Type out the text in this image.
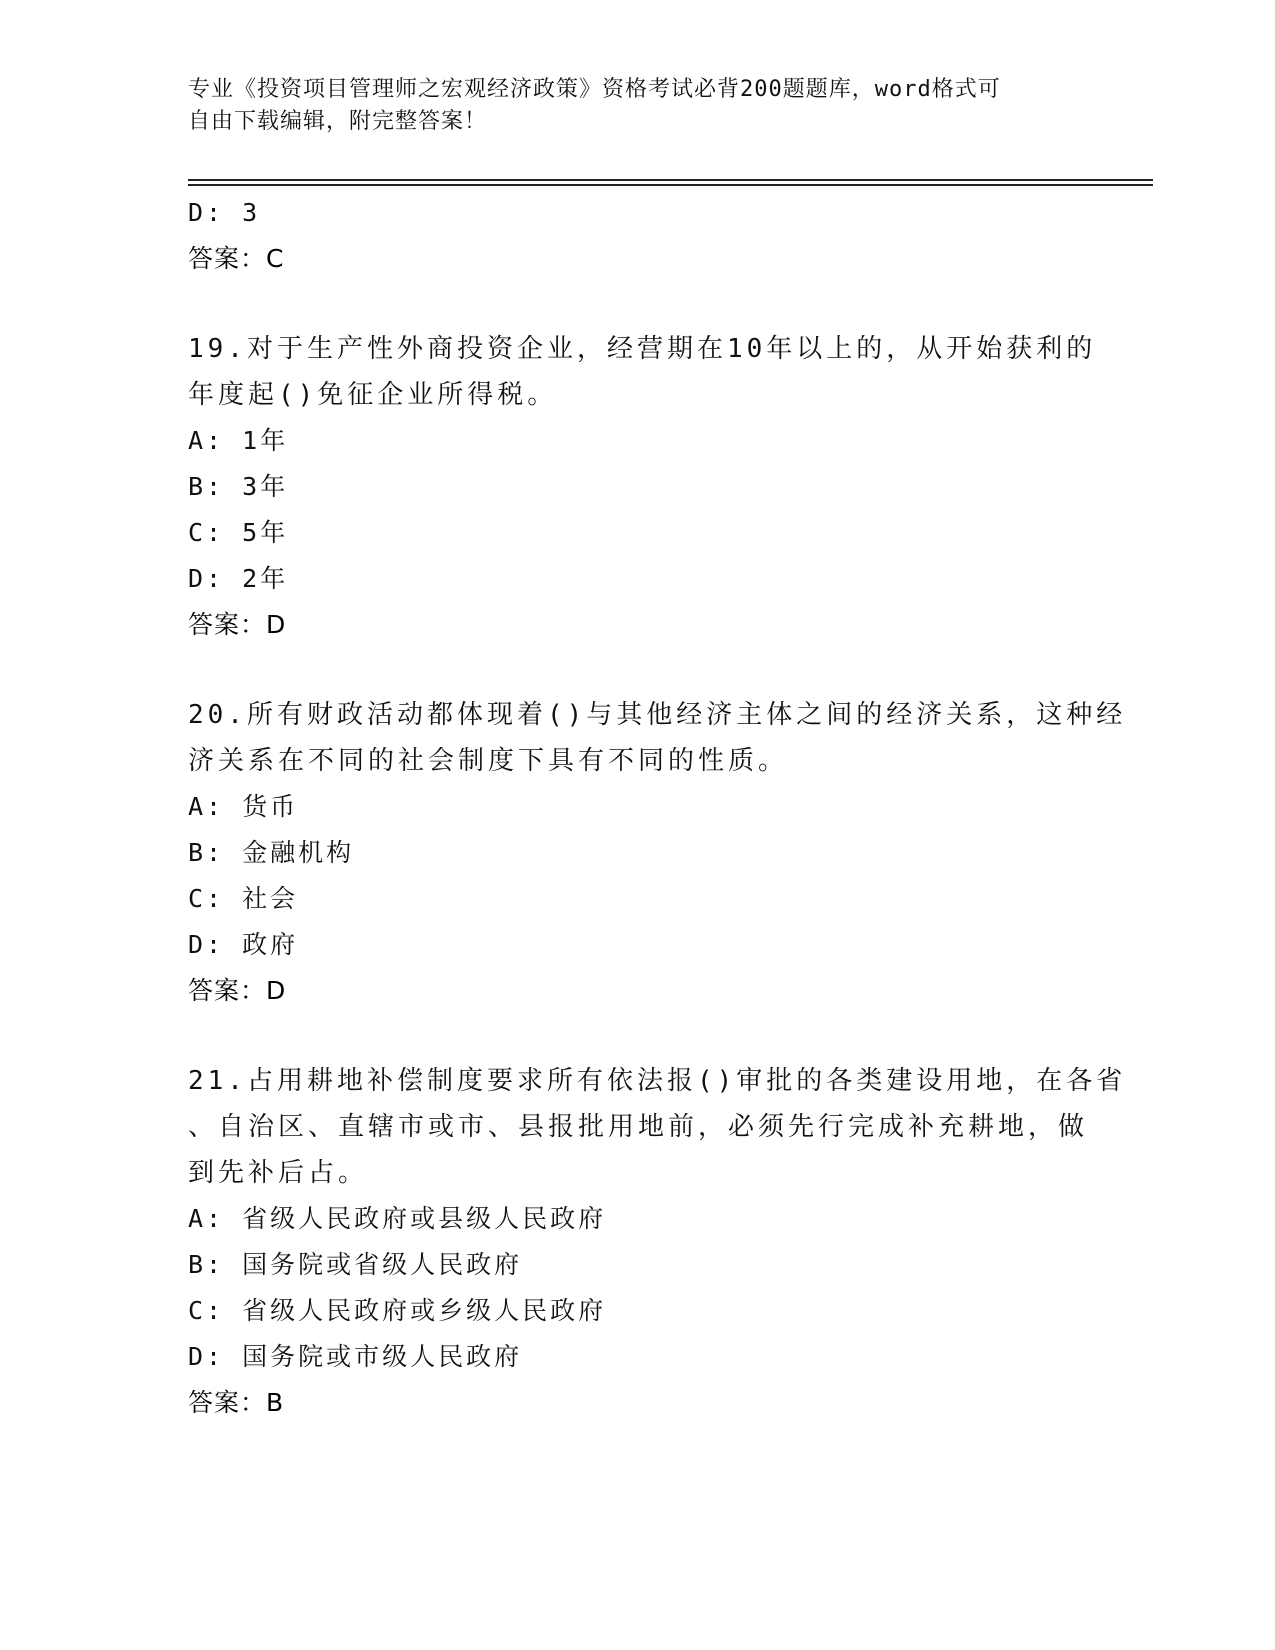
专业《投资项目管理师之宏观经济政策》资格考试必背200题题库，word格式可
自由下载编辑，附完整答案！
D: 3
答案：C
19.对于生产性外商投资企业，经营期在10年以上的，从开始获利的
年度起()免征企业所得税。
A: 1年
B: 3年
C: 5年
D: 2年
答案：D
20.所有财政活动都体现着()与其他经济主体之间的经济关系，这种经
济关系在不同的社会制度下具有不同的性质。
A: 货币
B: 金融机构
C: 社会
D: 政府
答案：D
21.占用耕地补偿制度要求所有依法报()审批的各类建设用地，在各省
、自治区、直辖市或市、县报批用地前，必须先行完成补充耕地，做
到先补后占。
A: 省级人民政府或县级人民政府
B: 国务院或省级人民政府
C: 省级人民政府或乡级人民政府
D: 国务院或市级人民政府
答案：B
